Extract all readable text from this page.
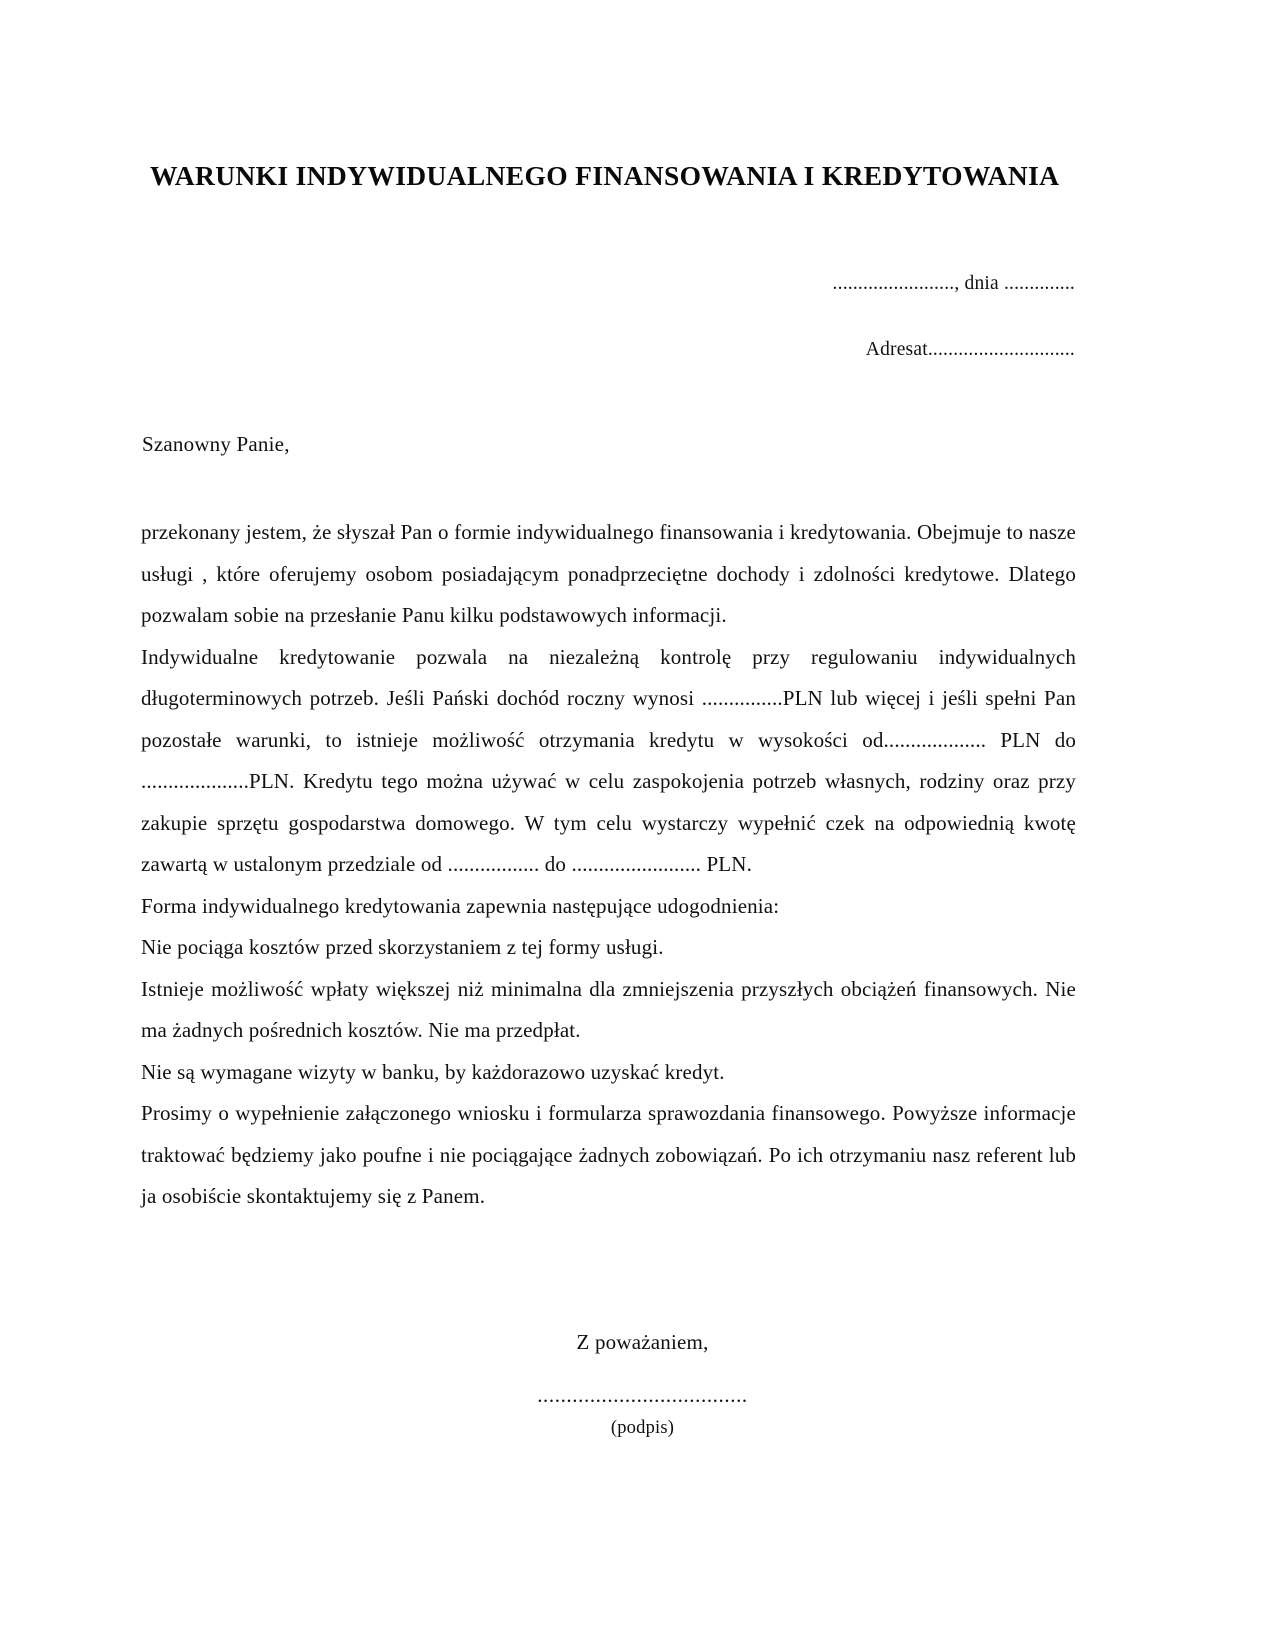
WARUNKI INDYWIDUALNEGO FINANSOWANIA I KREDYTOWANIA
........................, dnia ..............
Adresat.............................
Szanowny Panie,

przekonany jestem, że słyszał Pan o formie indywidualnego finansowania i kredytowania. Obejmuje to nasze usługi , które oferujemy osobom posiadającym ponadprzeciętne dochody i zdolności kredytowe. Dlatego pozwalam sobie na przesłanie Panu kilku podstawowych informacji.

Indywidualne kredytowanie pozwala na niezależną kontrolę przy regulowaniu indywidualnych długoterminowych potrzeb. Jeśli Pański dochód roczny wynosi ...............PLN lub więcej i jeśli spełni Pan pozostałe warunki, to istnieje możliwość otrzymania kredytu w wysokości od................... PLN do ....................PLN. Kredytu tego można używać w celu zaspokojenia potrzeb własnych, rodziny oraz przy zakupie sprzętu gospodarstwa domowego. W tym celu wystarczy wypełnić czek na odpowiednią kwotę zawartą w ustalonym przedziale od ................. do ........................ PLN.

Forma indywidualnego kredytowania zapewnia następujące udogodnienia:

Nie pociąga kosztów przed skorzystaniem z tej formy usługi.

Istnieje możliwość wpłaty większej niż minimalna dla zmniejszenia przyszłych obciążeń finansowych. Nie ma żadnych pośrednich kosztów. Nie ma przedpłat.

Nie są wymagane wizyty w banku, by każdorazowo uzyskać kredyt.

Prosimy o wypełnienie załączonego wniosku i formularza sprawozdania finansowego. Powyższe informacje traktować będziemy jako poufne i nie pociągające żadnych zobowiązań. Po ich otrzymaniu nasz referent lub ja osobiście skontaktujemy się z Panem.

Z poważaniem,
....................................
(podpis)
